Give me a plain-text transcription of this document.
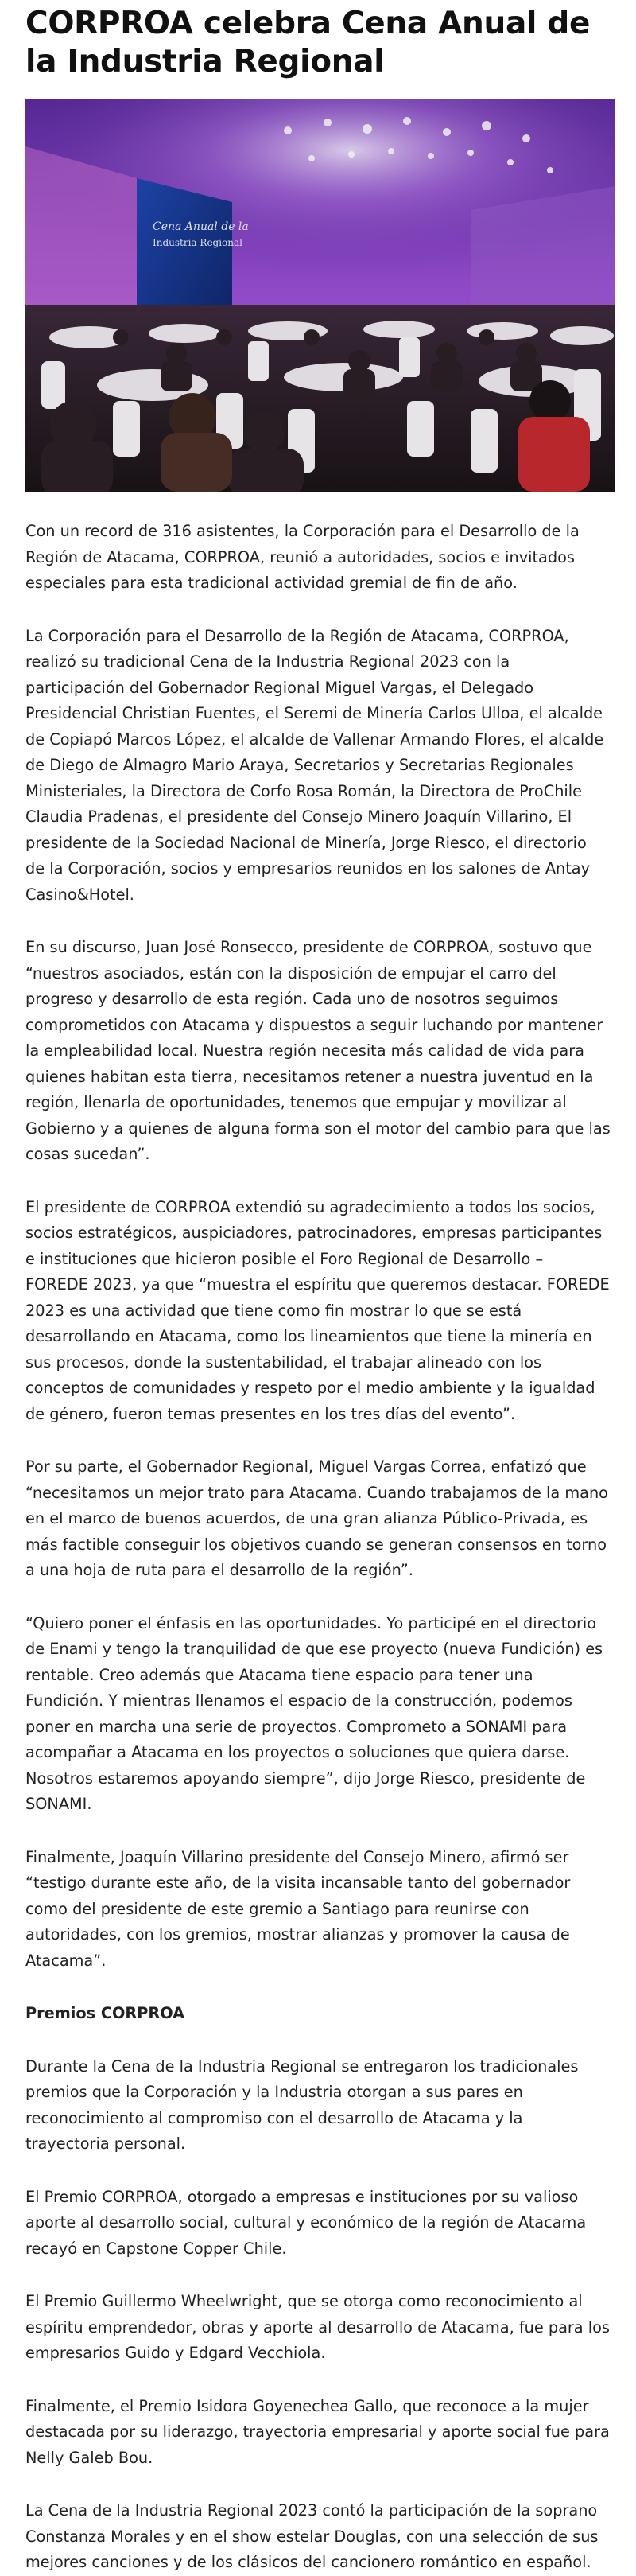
CORPROA celebra Cena Anual de la Industria Regional
Cena Anual de la
Industria Regional

Con un record de 316 asistentes, la Corporación para el Desarrollo de la Región de Atacama, CORPROA, reunió a autoridades, socios e invitados especiales para esta tradicional actividad gremial de fin de año.

La Corporación para el Desarrollo de la Región de Atacama, CORPROA, realizó su tradicional Cena de la Industria Regional 2023 con la participación del Gobernador Regional Miguel Vargas, el Delegado Presidencial Christian Fuentes, el Seremi de Minería Carlos Ulloa, el alcalde de Copiapó Marcos López, el alcalde de Vallenar Armando Flores, el alcalde de Diego de Almagro Mario Araya, Secretarios y Secretarias Regionales Ministeriales, la Directora de Corfo Rosa Román, la Directora de ProChile Claudia Pradenas, el presidente del Consejo Minero Joaquín Villarino, El presidente de la Sociedad Nacional de Minería, Jorge Riesco, el directorio de la Corporación, socios y empresarios reunidos en los salones de Antay Casino&Hotel.

En su discurso, Juan José Ronsecco, presidente de CORPROA, sostuvo que “nuestros asociados, están con la disposición de empujar el carro del progreso y desarrollo de esta región. Cada uno de nosotros seguimos comprometidos con Atacama y dispuestos a seguir luchando por mantener la empleabilidad local. Nuestra región necesita más calidad de vida para quienes habitan esta tierra, necesitamos retener a nuestra juventud en la región, llenarla de oportunidades, tenemos que empujar y movilizar al Gobierno y a quienes de alguna forma son el motor del cambio para que las cosas sucedan”.

El presidente de CORPROA extendió su agradecimiento a todos los socios, socios estratégicos, auspiciadores, patrocinadores, empresas participantes e instituciones que hicieron posible el Foro Regional de Desarrollo – FOREDE 2023, ya que “muestra el espíritu que queremos destacar. FOREDE 2023 es una actividad que tiene como fin mostrar lo que se está desarrollando en Atacama, como los lineamientos que tiene la minería en sus procesos, donde la sustentabilidad, el trabajar alineado con los conceptos de comunidades y respeto por el medio ambiente y la igualdad de género, fueron temas presentes en los tres días del evento”.

Por su parte, el Gobernador Regional, Miguel Vargas Correa, enfatizó que “necesitamos un mejor trato para Atacama. Cuando trabajamos de la mano en el marco de buenos acuerdos, de una gran alianza Público-Privada, es más factible conseguir los objetivos cuando se generan consensos en torno a una hoja de ruta para el desarrollo de la región”.

“Quiero poner el énfasis en las oportunidades. Yo participé en el directorio de Enami y tengo la tranquilidad de que ese proyecto (nueva Fundición) es rentable. Creo además que Atacama tiene espacio para tener una Fundición. Y mientras llenamos el espacio de la construcción, podemos poner en marcha una serie de proyectos. Comprometo a SONAMI para acompañar a Atacama en los proyectos o soluciones que quiera darse. Nosotros estaremos apoyando siempre”, dijo Jorge Riesco, presidente de SONAMI.

Finalmente, Joaquín Villarino presidente del Consejo Minero, afirmó ser “testigo durante este año, de la visita incansable tanto del gobernador como del presidente de este gremio a Santiago para reunirse con autoridades, con los gremios, mostrar alianzas y promover la causa de Atacama”.

Premios CORPROA

Durante la Cena de la Industria Regional se entregaron los tradicionales premios que la Corporación y la Industria otorgan a sus pares en reconocimiento al compromiso con el desarrollo de Atacama y la trayectoria personal.

El Premio CORPROA, otorgado a empresas e instituciones por su valioso aporte al desarrollo social, cultural y económico de la región de Atacama recayó en Capstone Copper Chile.

El Premio Guillermo Wheelwright, que se otorga como reconocimiento al espíritu emprendedor, obras y aporte al desarrollo de Atacama, fue para los empresarios Guido y Edgard Vecchiola.

Finalmente, el Premio Isidora Goyenechea Gallo, que reconoce a la mujer destacada por su liderazgo, trayectoria empresarial y aporte social fue para Nelly Galeb Bou.

La Cena de la Industria Regional 2023 contó la participación de la soprano Constanza Morales y en el show estelar Douglas, con una selección de sus mejores canciones y de los clásicos del cancionero romántico en español.
